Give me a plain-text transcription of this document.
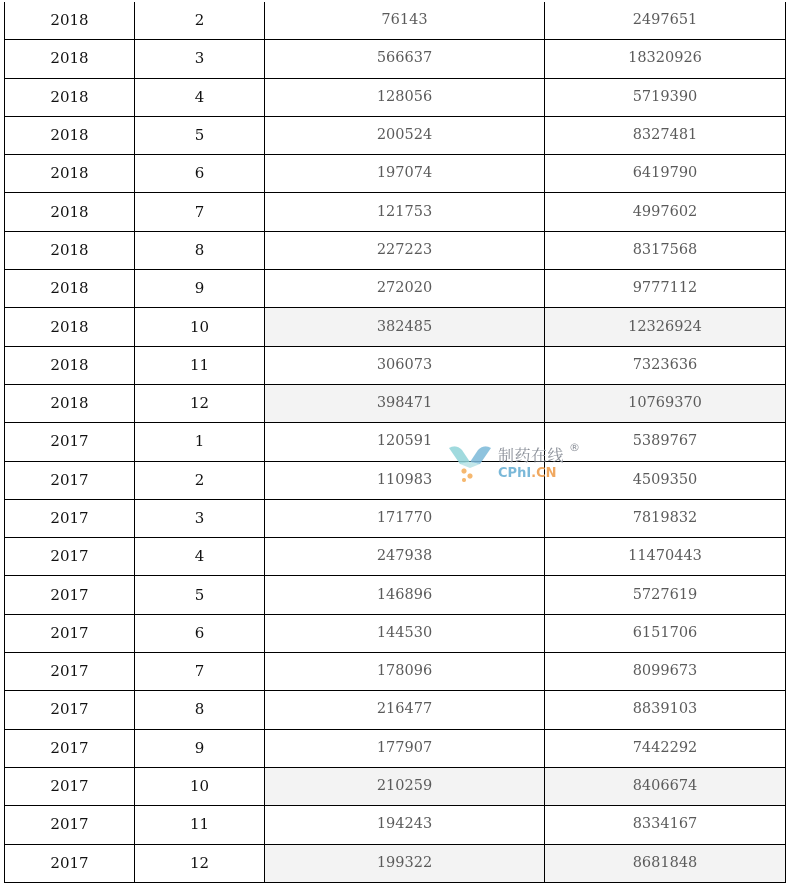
2018	2	76143	2497651
2018	3	566637	18320926
2018	4	128056	5719390
2018	5	200524	8327481
2018	6	197074	6419790
2018	7	121753	4997602
2018	8	227223	8317568
2018	9	272020	9777112
2018	10	382485	12326924
2018	11	306073	7323636
2018	12	398471	10769370
2017	1	120591	5389767
2017	2	110983	4509350
2017	3	171770	7819832
2017	4	247938	11470443
2017	5	146896	5727619
2017	6	144530	6151706
2017	7	178096	8099673
2017	8	216477	8839103
2017	9	177907	7442292
2017	10	210259	8406674
2017	11	194243	8334167
2017	12	199322	8681848
制药在线 ®
CPhI.CN
